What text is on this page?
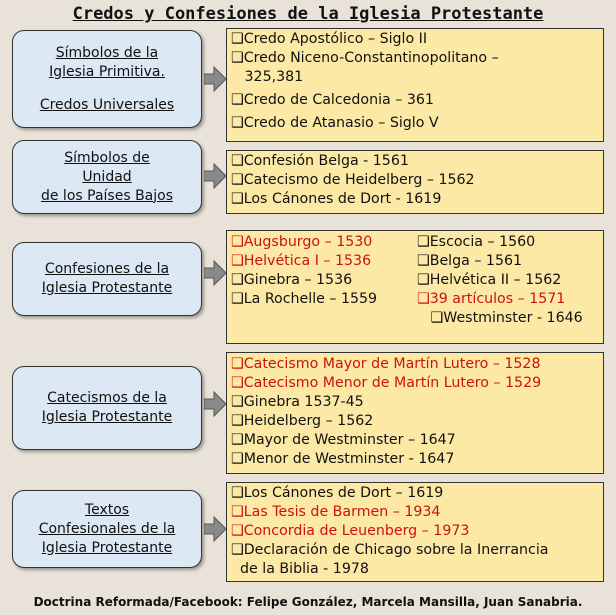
Credos y Confesiones de la Iglesia Protestante
Símbolos de la
Iglesia Primitiva.
Credos Universales
❑Credo Apostólico – Siglo II
❑Credo Niceno-Constantinopolitano –
325,381
❑Credo de Calcedonia – 361
❑Credo de Atanasio – Siglo V
Símbolos de
Unidad
de los Países Bajos
❑Confesión Belga - 1561
❑Catecismo de Heidelberg – 1562
❑Los Cánones de Dort - 1619
Confesiones de la
Iglesia Protestante
❑Augsburgo – 1530
❑Helvética I – 1536
❑Ginebra – 1536
❑La Rochelle – 1559
❑Escocia – 1560
❑Belga – 1561
❑Helvética II – 1562
❑39 artículos – 1571
❑Westminster - 1646
Catecismos de la
Iglesia Protestante
❑Catecismo Mayor de Martín Lutero – 1528
❑Catecismo Menor de Martín Lutero – 1529
❑Ginebra 1537-45
❑Heidelberg – 1562
❑Mayor de Westminster – 1647
❑Menor de Westminster - 1647
Textos
Confesionales de la
Iglesia Protestante
❑Los Cánones de Dort – 1619
❑Las Tesis de Barmen – 1934
❑Concordia de Leuenberg – 1973
❑Declaración de Chicago sobre la Inerrancia
de la Biblia - 1978
Doctrina Reformada/Facebook: Felipe González, Marcela Mansilla, Juan Sanabria.
